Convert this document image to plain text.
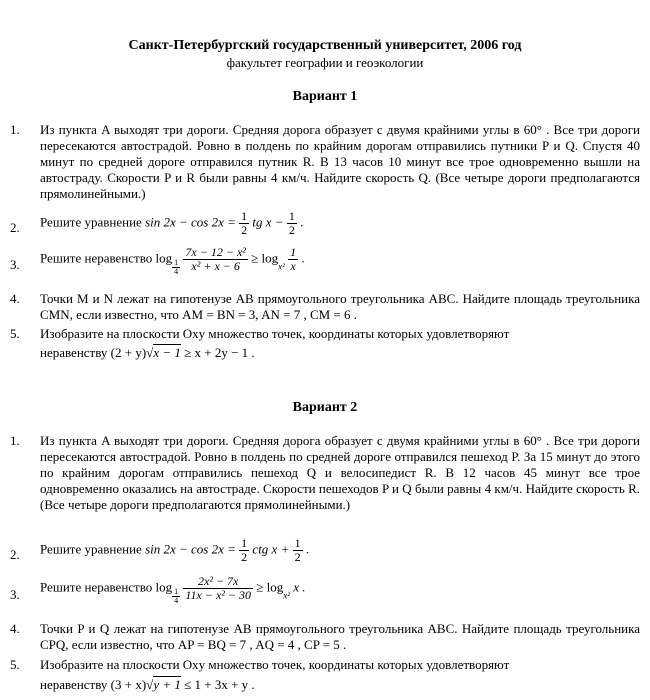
Санкт-Петербургский государственный университет, 2006 год
факультет географии и геоэкологии
Вариант 1
1. Из пункта A выходят три дороги. Средняя дорога образует с двумя крайними углы в 60° . Все три дороги пересекаются автострадой. Ровно в полдень по крайним дорогам отправились путники P и Q. Спустя 40 минут по средней дороге отправился путник R. В 13 часов 10 минут все трое одновременно вышли на автостраду. Скорости P и R были равны 4 км/ч. Найдите скорость Q. (Все четыре дороги предполагаются прямолинейными.)
2. Решите уравнение $\sin 2x - \cos 2x = \frac{1}{2}$ tg $x - \frac{1}{2}$ .
3. Решите неравенство log
$\frac{1}{4}$
$\frac{\text{7x − 12 − x²}}{\text{x² + x − 6}} \ge \log_{x^2} \frac{1}{x}$ .
4. Точки M и N лежат на гипотенузе AB прямоугольного треугольника ABC. Найдите площадь треугольника CMN, если известно, что AM = BN = 3, AN = 7 , CM = 6 .
5. Изобразите на плоскости Oxy множество точек, координаты которых удовлетворяют
неравенству (2 + y)√x − 1 ≥ x + 2y − 1 .
Вариант 2
1. Из пункта A выходят три дороги. Средняя дорога образует с двумя крайними углы в 60° . Все три дороги пересекаются автострадой. Ровно в полдень по средней дороге отправился пешеход P. За 15 минут до этого по крайним дорогам отправились пешеход Q и велосипедист R. В 12 часов 45 минут все трое одновременно оказались на автостраде. Скорости пешеходов P и Q были равны 4 км/ч. Найдите скорость R. (Все четыре дороги предполагаются прямолинейными.)
2. Решите уравнение $\sin 2x - \cos 2x = \frac{1}{2}$ ctg $x + \frac{1}{2}$ .
3.
Решите неравенство log
$\frac{1}{4}$
$\frac{\text{2x² − 7x}}{\text{11x − x² − 30}} \ge \log_{x^2} x$ .
4. Точки P и Q лежат на гипотенузе AB прямоугольного треугольника ABC. Найдите площадь треугольника CPQ, если известно, что AP = BQ = 7 , AQ = 4 , CP = 5 .
5. Изобразите на плоскости Oxy множество точек, координаты которых удовлетворяют
неравенству (3 + x)√y + 1 ≤ 1 + 3x + y .
